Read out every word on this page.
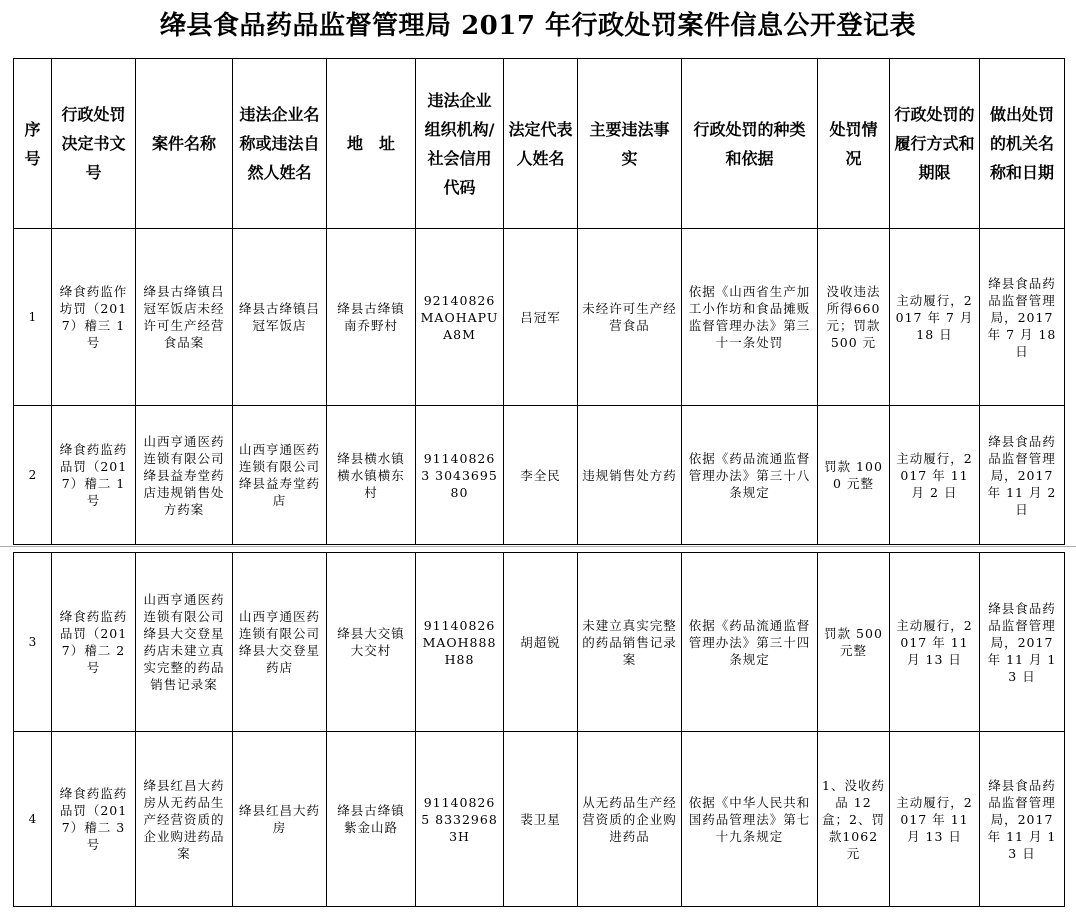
绛县食品药品监督管理局 2017 年行政处罚案件信息公开登记表
序号	行政处罚决定书文号	案件名称	违法企业名称或违法自然人姓名	地　址	违法企业组织机构/社会信用代码	法定代表人姓名	主要违法事实	行政处罚的种类和依据	处罚情况	行政处罚的履行方式和期限	做出处罚的机关名称和日期
1	绛食药监作坊罚（2017）稽三 1 号	绛县古绛镇吕冠军饭店未经许可生产经营食品案	绛县古绛镇吕冠军饭店	绛县古绛镇南乔野村	92140826MAOHAPUA8M	吕冠军	未经许可生产经营食品	依据《山西省生产加工小作坊和食品摊贩监督管理办法》第三十一条处罚	没收违法所得660 元；罚款 500 元	主动履行，2017 年 7 月 18 日	绛县食品药品监督管理局，2017 年 7 月 18 日
2	绛食药监药品罚（2017）稽二 1 号	山西亨通医药连锁有限公司绛县益寿堂药店违规销售处方药案	山西亨通医药连锁有限公司绛县益寿堂药店	绛县横水镇横水镇横东村	911408263 304369580	李全民	违规销售处方药	依据《药品流通监督管理办法》第三十八条规定	罚款 1000 元整	主动履行，2017 年 11 月 2 日	绛县食品药品监督管理局，2017 年 11 月 2 日
3	绛食药监药品罚（2017）稽二 2 号	山西亨通医药连锁有限公司绛县大交登星药店未建立真实完整的药品销售记录案	山西亨通医药连锁有限公司绛县大交登星药店	绛县大交镇大交村	9114082​6MAOH888H88	胡超锐	未建立真实完整的药品销售记录案	依据《药品流通监督管理办法》第三十四条规定	罚款 500 元整	主动履行，2017 年 11 月 13 日	绛县食品药品监督管理局，2017 年 11 月 13 日
4	绛食药监药品罚（2017）稽二 3 号	绛县红昌大药房从无药品生产经营资质的企业购进药品案	绛县红昌大药房	绛县古绛镇紫金山路	911408265 83329683H	裴卫星	从无药品生产经营资质的企业购进药品	依据《中华人民共和国药品管理法》第七十九条规定	1、没收药品 12 盒；2、罚款1062 元	主动履行，2017 年 11 月 13 日	绛县食品药品监督管理局，2017 年 11 月 13 日
